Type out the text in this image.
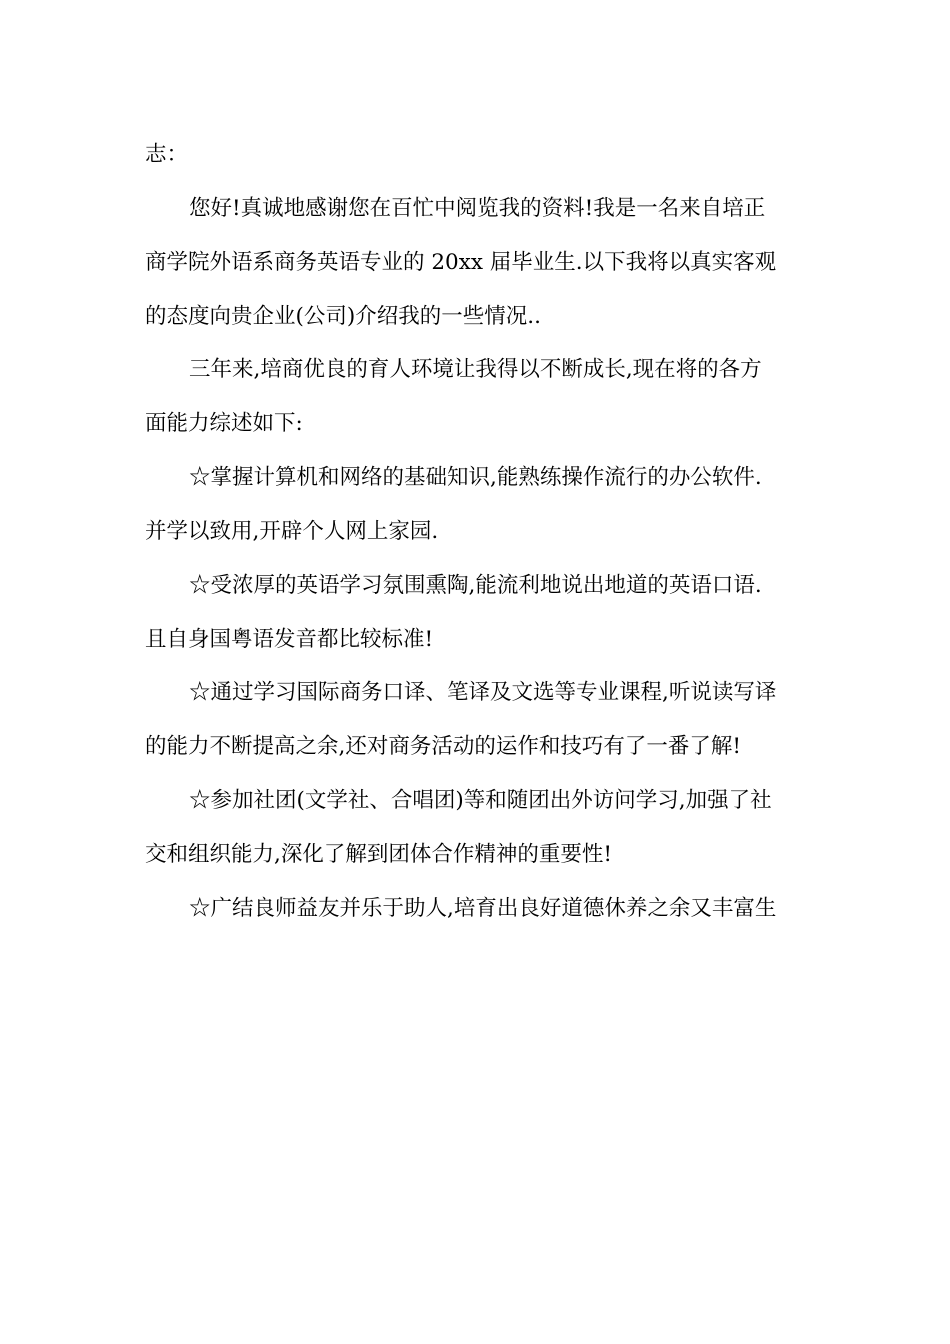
志：
您好!真诚地感谢您在百忙中阅览我的资料!我是一名来自培正
商学院外语系商务英语专业的 20xx 届毕业生.以下我将以真实客观
的态度向贵企业(公司)介绍我的一些情况..
三年来,培商优良的育人环境让我得以不断成长,现在将的各方
面能力综述如下:
☆掌握计算机和网络的基础知识,能熟练操作流行的办公软件.
并学以致用,开辟个人网上家园.
☆受浓厚的英语学习氛围熏陶,能流利地说出地道的英语口语.
且自身国粤语发音都比较标准!
☆通过学习国际商务口译、笔译及文选等专业课程,听说读写译
的能力不断提高之余,还对商务活动的运作和技巧有了一番了解!
☆参加社团(文学社、合唱团)等和随团出外访问学习,加强了社
交和组织能力,深化了解到团体合作精神的重要性!
☆广结良师益友并乐于助人,培育出良好道德休养之余又丰富生
